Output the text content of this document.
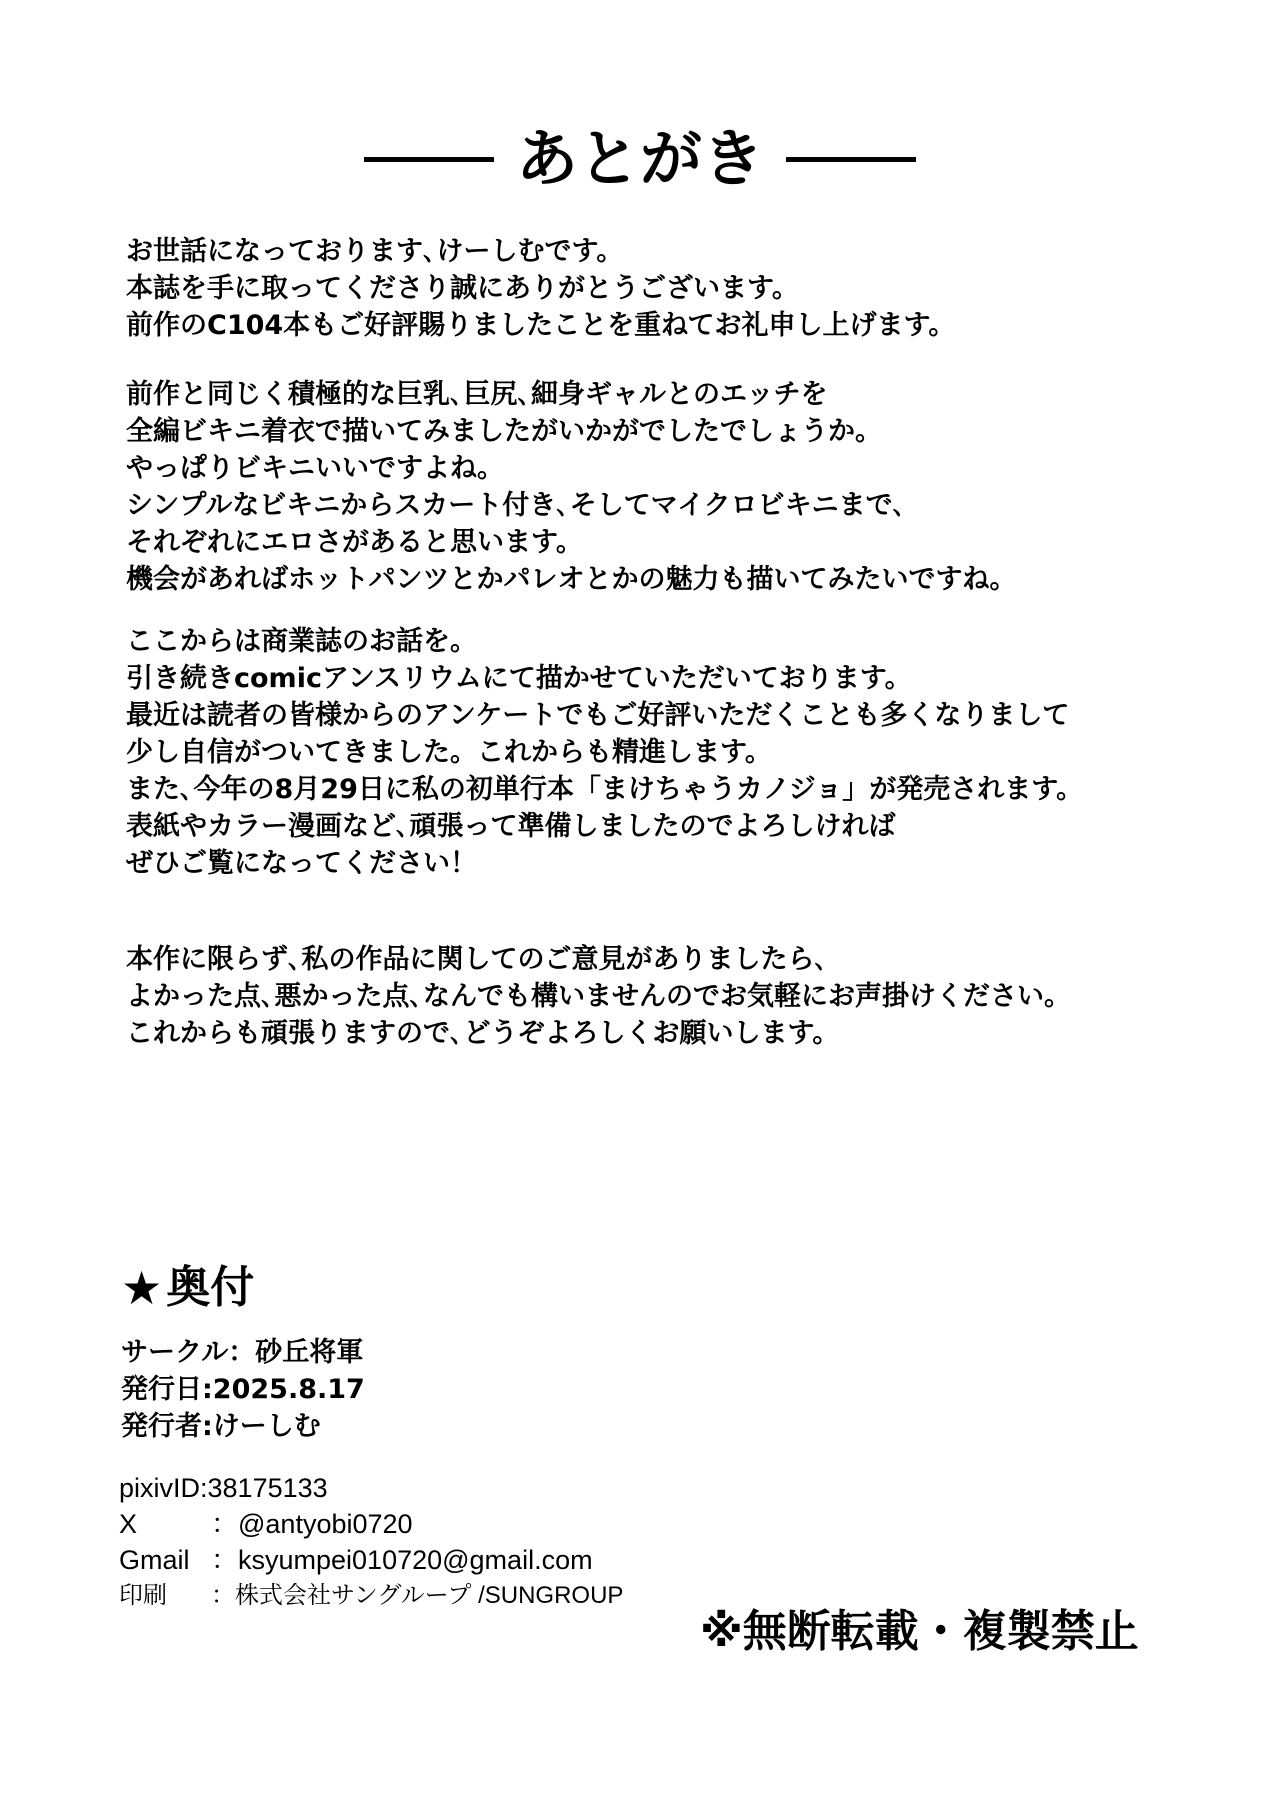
あとがき
お世話になっております､けーしむです。
本誌を手に取ってくださり誠にありがとうございます。
前作のC104本もご好評賜りましたことを重ねてお礼申し上げます。
前作と同じく積極的な巨乳､巨尻､細身ギャルとのエッチを
全編ビキニ着衣で描いてみましたがいかがでしたでしょうか。
やっぱりビキニいいですよね。
シンプルなビキニからスカート付き､そしてマイクロビキニまで､
それぞれにエロさがあると思います。
機会があればホットパンツとかパレオとかの魅力も描いてみたいですね。
ここからは商業誌のお話を。
引き続きcomicアンスリウムにて描かせていただいております。
最近は読者の皆様からのアンケートでもご好評いただくことも多くなりまして
少し自信がついてきました。これからも精進します。
また､今年の8月29日に私の初単行本「まけちゃうカノジョ」が発売されます。
表紙やカラー漫画など､頑張って準備しましたのでよろしければ
ぜひご覧になってください！
本作に限らず､私の作品に関してのご意見がありましたら､
よかった点､悪かった点､なんでも構いませんのでお気軽にお声掛けください。
これからも頑張りますので､どうぞよろしくお願いします。
★ 奥付
サークル：砂丘将軍
発行日:2025.8.17
発行者:けーしむ
pixivID :38175133
X	：@antyobi0720
Gmail ：ksyumpei010720@gmail.com
印刷	：株式会社サングループ /SUNGROUP
※無断転載・複製禁止
